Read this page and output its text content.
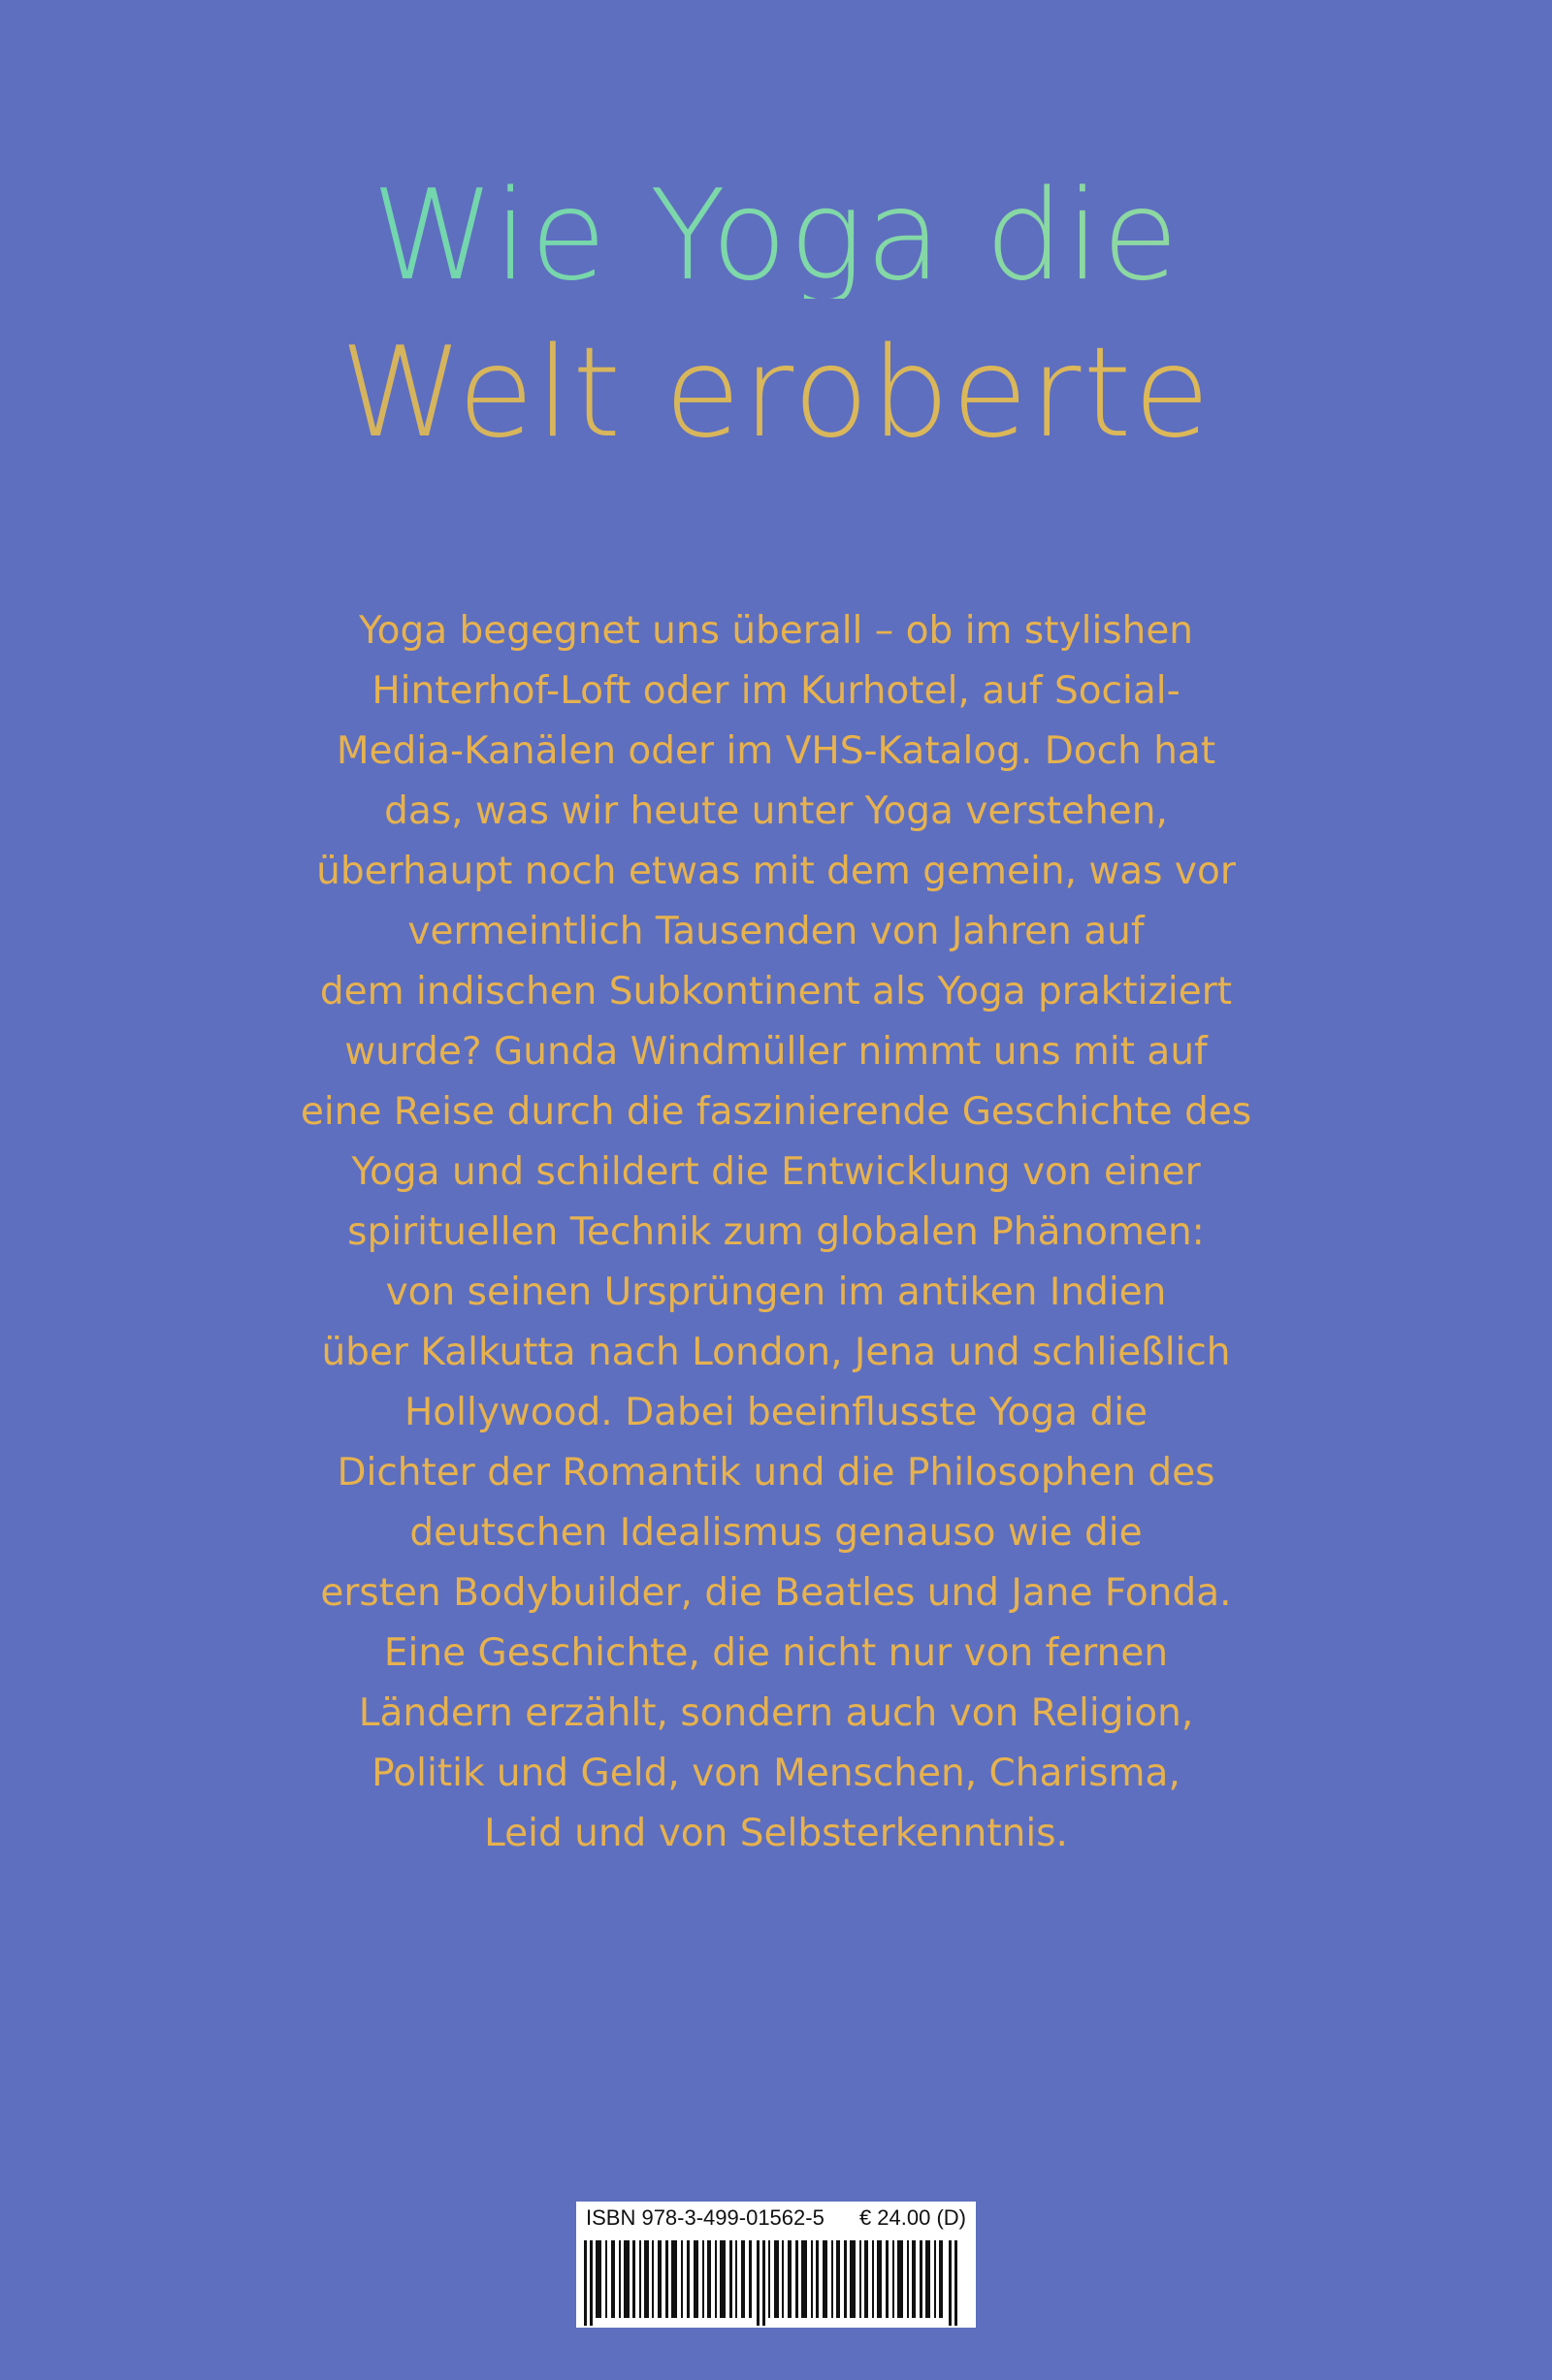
Wie Yoga die
Welt eroberte
Yoga begegnet uns überall – ob im stylishen
Hinterhof-Loft oder im Kurhotel, auf Social-
Media-Kanälen oder im VHS-Katalog. Doch hat
das, was wir heute unter Yoga verstehen,
überhaupt noch etwas mit dem gemein, was vor
vermeintlich Tausenden von Jahren auf
dem indischen Subkontinent als Yoga praktiziert
wurde? Gunda Windmüller nimmt uns mit auf
eine Reise durch die faszinierende Geschichte des
Yoga und schildert die Entwicklung von einer
spirituellen Technik zum globalen Phänomen:
von seinen Ursprüngen im antiken Indien
über Kalkutta nach London, Jena und schließlich
Hollywood. Dabei beeinflusste Yoga die
Dichter der Romantik und die Philosophen des
deutschen Idealismus genauso wie die
ersten Bodybuilder, die Beatles und Jane Fonda.
Eine Geschichte, die nicht nur von fernen
Ländern erzählt, sondern auch von Religion,
Politik und Geld, von Menschen, Charisma,
Leid und von Selbsterkenntnis.
ISBN 978-3-499-01562-5 € 24.00 (D)
